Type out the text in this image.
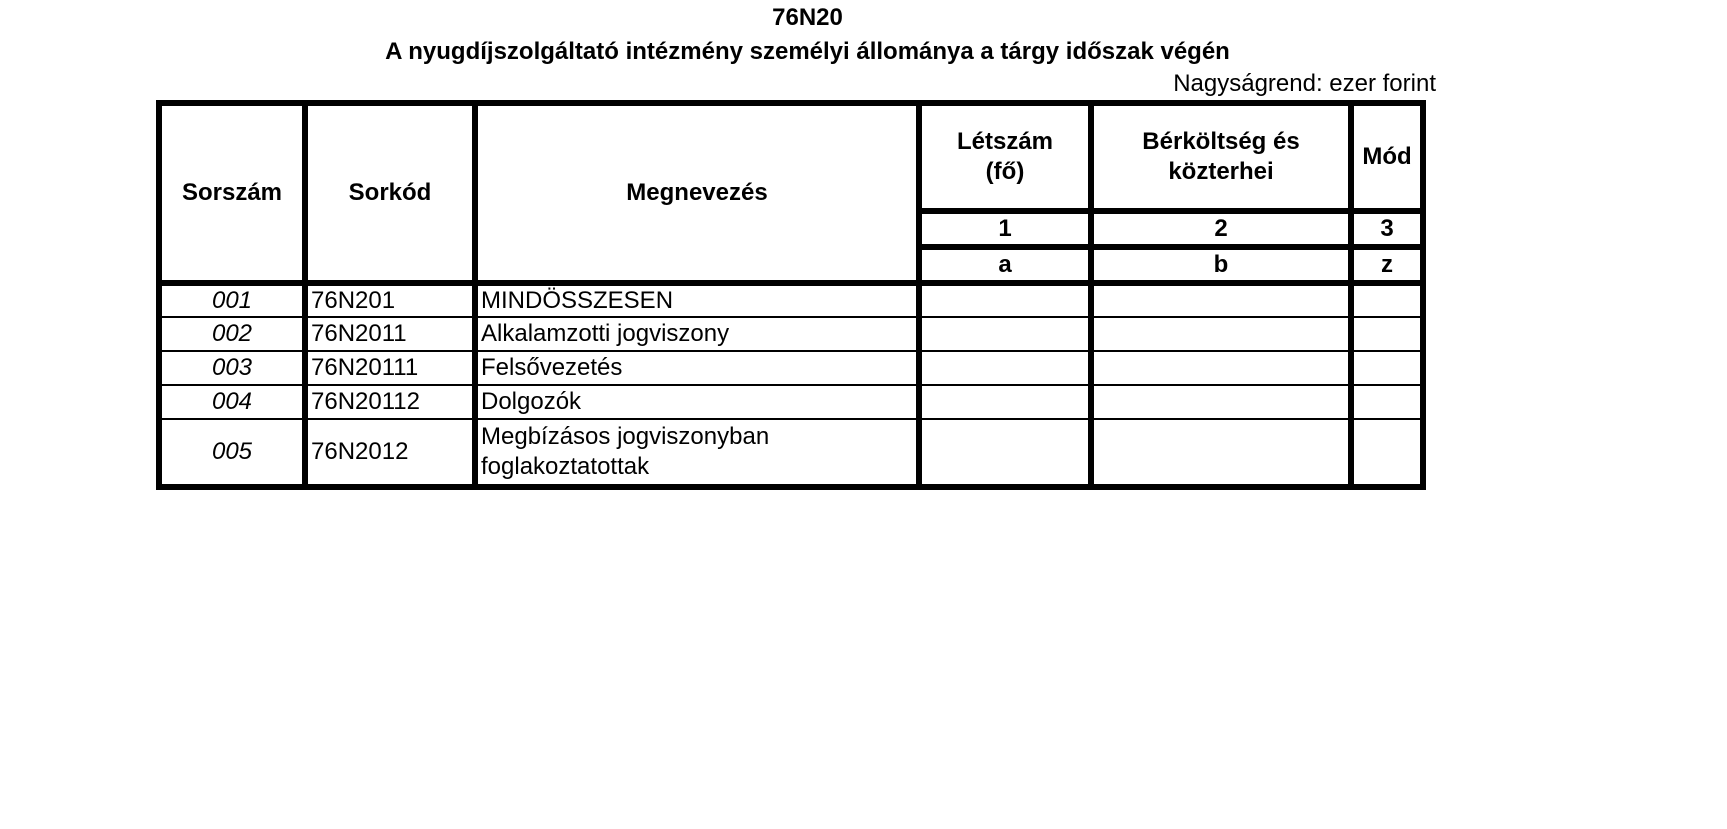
76N20
A nyugdíjszolgáltató intézmény személyi állománya a tárgy időszak végén
Nagyságrend: ezer forint
Sorszám	Sorkód	Megnevezés	Létszám (fő)	Bérköltség és közterhei	Mód
			1	2	3
			a	b	z
001	76N201	MINDÖSSZESEN			
002	76N2011	Alkalamzotti jogviszony			
003	76N20111	Felsővezetés			
004	76N20112	Dolgozók			
005	76N2012	Megbízásos jogviszonyban foglakoztatottak			
